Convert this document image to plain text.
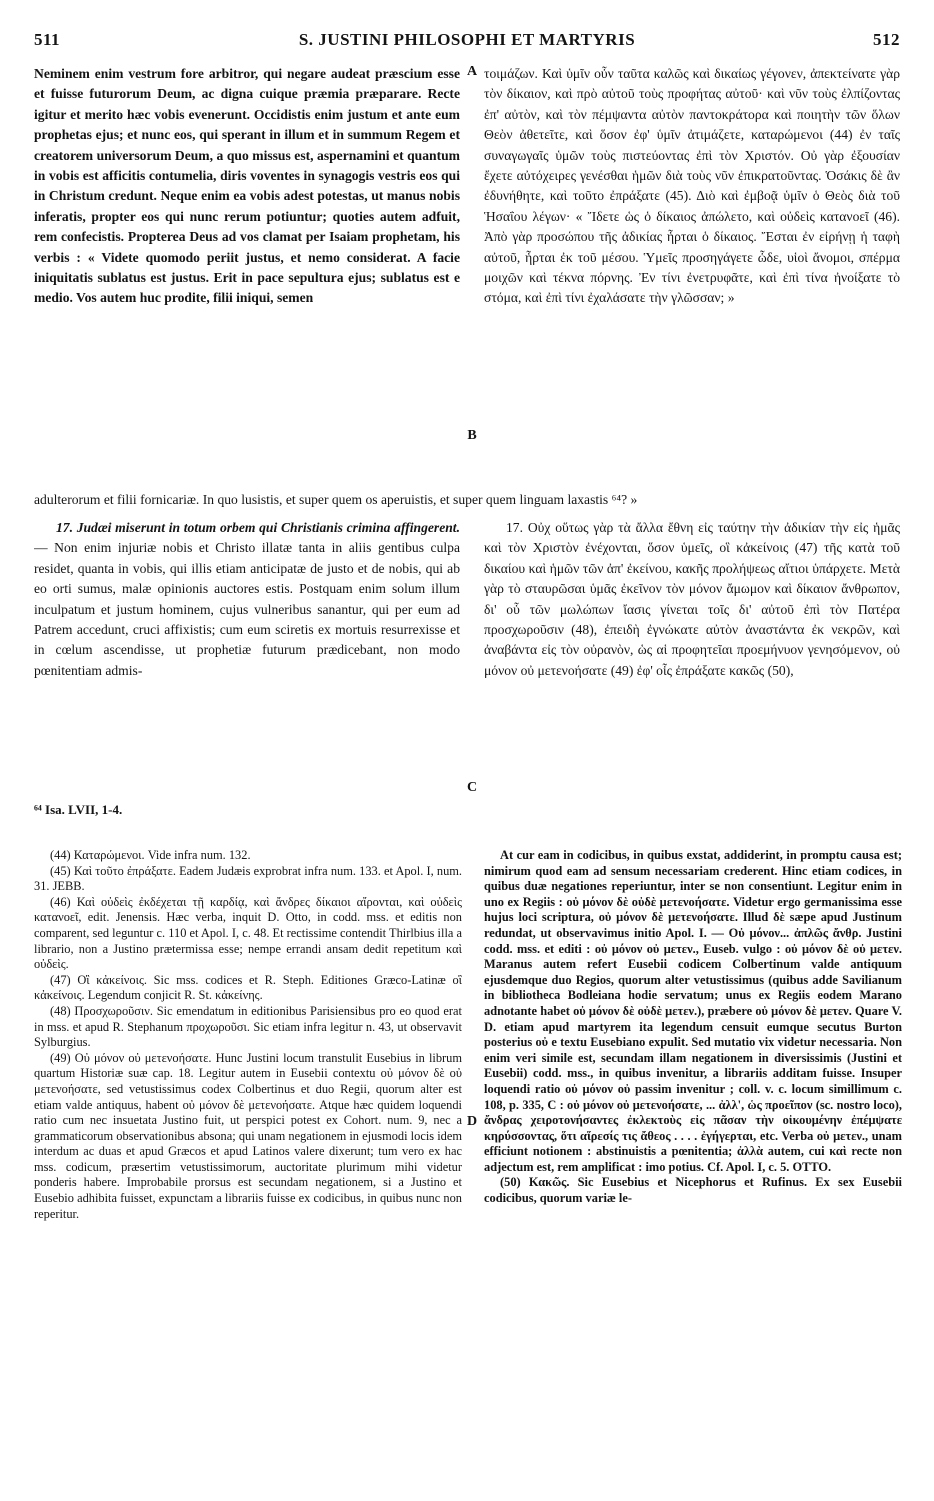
511	S. JUSTINI PHILOSOPHI ET MARTYRIS	512
A
B
C
D

Neminem enim vestrum fore arbitror, qui negare audeat præscium esse et fuisse futurorum Deum, ac digna cuique præmia præparare. Recte igitur et merito hæc vobis evenerunt. Occidistis enim justum et ante eum prophetas ejus; et nunc eos, qui sperant in illum et in summum Regem et creatorem universorum Deum, a quo missus est, aspernamini et quantum in vobis est afficitis contumelia, diris voventes in synagogis vestris eos qui in Christum credunt. Neque enim ea vobis adest potestas, ut manus nobis inferatis, propter eos qui nunc rerum potiuntur; quoties autem adfuit, rem confecistis. Propterea Deus ad vos clamat per Isaiam prophetam, his verbis : « Videte quomodo periit justus, et nemo considerat. A facie iniquitatis sublatus est justus. Erit in pace sepultura ejus; sublatus est e medio. Vos autem huc prodite, filii iniqui, semen

τοιμάζων. Καὶ ὑμῖν οὖν ταῦτα καλῶς καὶ δικαίως γέγονεν, ἀπεκτείνατε γὰρ τὸν δίκαιον, καὶ πρὸ αὐτοῦ τοὺς προφήτας αὐτοῦ· καὶ νῦν τοὺς ἐλπίζοντας ἐπ' αὐτὸν, καὶ τὸν πέμψαντα αὐτὸν παντοκράτορα καὶ ποιητὴν τῶν ὅλων Θεὸν ἀθετεῖτε, καὶ ὅσον ἐφ' ὑμῖν ἀτιμάζετε, καταρώμενοι (44) ἐν ταῖς συναγωγαῖς ὑμῶν τοὺς πιστεύοντας ἐπὶ τὸν Χριστόν. Οὐ γὰρ ἐξουσίαν ἔχετε αὐτόχειρες γενέσθαι ἡμῶν διὰ τοὺς νῦν ἐπικρατοῦντας. Ὁσάκις δὲ ἂν ἐδυνήθητε, καὶ τοῦτο ἐπράξατε (45). Διὸ καὶ ἐμβοᾷ ὑμῖν ὁ Θεὸς διὰ τοῦ Ἡσαΐου λέγων· « Ἴδετε ὡς ὁ δίκαιος ἀπώλετο, καὶ οὐδεὶς κατανοεῖ (46). Ἀπὸ γὰρ προσώπου τῆς ἀδικίας ἦρται ὁ δίκαιος. Ἔσται ἐν εἰρήνῃ ἡ ταφὴ αὐτοῦ, ἦρται ἐκ τοῦ μέσου. Ὑμεῖς προσηγάγετε ὧδε, υἱοὶ ἄνομοι, σπέρμα μοιχῶν καὶ τέκνα πόρνης. Ἐν τίνι ἐνετρυφᾶτε, καὶ ἐπὶ τίνα ἠνοίξατε τὸ στόμα, καὶ ἐπὶ τίνι ἐχαλάσατε τὴν γλῶσσαν; »

adulterorum et filii fornicariæ. In quo lusistis, et super quem os aperuistis, et super quem linguam laxastis ⁶⁴? »

17. Judæi miserunt in totum orbem qui Christianis crimina affingerent. — Non enim injuriæ nobis et Christo illatæ tanta in aliis gentibus culpa residet, quanta in vobis, qui illis etiam anticipatæ de justo et de nobis, qui ab eo orti sumus, malæ opinionis auctores estis. Postquam enim solum illum inculpatum et justum hominem, cujus vulneribus sanantur, qui per eum ad Patrem accedunt, cruci affixistis; cum eum sciretis ex mortuis resurrexisse et in cœlum ascendisse, ut prophetiæ futurum prædicebant, non modo pœnitentiam admis-

17. Οὐχ οὕτως γὰρ τὰ ἄλλα ἔθνη εἰς ταύτην τὴν ἀδικίαν τὴν εἰς ἡμᾶς καὶ τὸν Χριστὸν ἐνέχονται, ὅσον ὑμεῖς, οἳ κἀκείνοις (47) τῆς κατὰ τοῦ δικαίου καὶ ἡμῶν τῶν ἀπ' ἐκείνου, κακῆς προλήψεως αἴτιοι ὑπάρχετε. Μετὰ γὰρ τὸ σταυρῶσαι ὑμᾶς ἐκεῖνον τὸν μόνον ἄμωμον καὶ δίκαιον ἄνθρωπον, δι' οὗ τῶν μωλώπων ἴασις γίνεται τοῖς δι' αὐτοῦ ἐπὶ τὸν Πατέρα προσχωροῦσιν (48), ἐπειδὴ ἐγνώκατε αὐτὸν ἀναστάντα ἐκ νεκρῶν, καὶ ἀναβάντα εἰς τὸν οὐρανὸν, ὡς αἱ προφητεῖαι προεμήνυον γενησόμενον, οὐ μόνον οὐ μετενοήσατε (49) ἐφ' οἷς ἐπράξατε κακῶς (50),

⁶⁴ Isa. LVII, 1-4.

(44) Καταρώμενοι. Vide infra num. 132.

(45) Καὶ τοῦτο ἐπράξατε. Eadem Judæis exprobrat infra num. 133. et Apol. I, num. 31. JEBB.

(46) Καὶ οὐδεὶς ἐκδέχεται τῇ καρδίᾳ, καὶ ἄνδρες δίκαιοι αἴρονται, καὶ οὐδεὶς κατανοεῖ, edit. Jenensis. Hæc verba, inquit D. Otto, in codd. mss. et editis non comparent, sed leguntur c. 110 et Apol. I, c. 48. Et rectissime contendit Thirlbius illa a librario, non a Justino prætermissa esse; nempe errandi ansam dedit repetitum καὶ οὐδεὶς.

(47) Οἳ κἀκείνοις. Sic mss. codices et R. Steph. Editiones Græco-Latinæ οἳ κἀκείνοις. Legendum conjicit R. St. κἀκείνης.

(48) Προσχωροῦσιν. Sic emendatum in editionibus Parisiensibus pro eo quod erat in mss. et apud R. Stephanum προχωροῦσι. Sic etiam infra legitur n. 43, ut observavit Sylburgius.

(49) Οὐ μόνον οὐ μετενοήσατε. Hunc Justini locum transtulit Eusebius in librum quartum Historiæ suæ cap. 18. Legitur autem in Eusebii contextu οὐ μόνον δὲ οὐ μετενοήσατε, sed vetustissimus codex Colbertinus et duo Regii, quorum alter est etiam valde antiquus, habent οὐ μόνον δὲ μετενοήσατε. Atque hæc quidem loquendi ratio cum nec insuetata Justino fuit, ut perspici potest ex Cohort. num. 9, nec a grammaticorum observationibus absona; qui unam negationem in ejusmodi locis idem interdum ac duas et apud Græcos et apud Latinos valere dixerunt; tum vero ex hac mss. codicum, præsertim vetustissimorum, auctoritate plurimum mihi videtur ponderis habere. Improbabile prorsus est secundam negationem, si a Justino et Eusebio adhibita fuisset, expunctam a librariis fuisse ex codicibus, in quibus nunc non reperitur.

At cur eam in codicibus, in quibus exstat, addiderint, in promptu causa est; nimirum quod eam ad sensum necessariam crederent. Hinc etiam codices, in quibus duæ negationes reperiuntur, inter se non consentiunt. Legitur enim in uno ex Regiis : οὐ μόνον δὲ οὐδὲ μετενοήσατε. Videtur ergo germanissima esse hujus loci scriptura, οὐ μόνον δὲ μετενοήσατε. Illud δὲ sæpe apud Justinum redundat, ut observavimus initio Apol. I. — Οὐ μόνον... ἀπλῶς ἄνθρ. Justini codd. mss. et editi : οὐ μόνον οὐ μετεν., Euseb. vulgo : οὐ μόνον δὲ οὐ μετεν. Maranus autem refert Eusebii codicem Colbertinum valde antiquum ejusdemque duo Regios, quorum alter vetustissimus (quibus adde Savilianum in bibliotheca Bodleiana hodie servatum; unus ex Regiis eodem Marano adnotante habet οὐ μόνον δὲ οὐδὲ μετεν.), præbere οὐ μόνον δὲ μετεν. Quare V. D. etiam apud martyrem ita legendum censuit eumque secutus Burton posterius οὐ e textu Eusebiano expulit. Sed mutatio vix videtur necessaria. Non enim veri simile est, secundam illam negationem in diversissimis (Justini et Eusebii) codd. mss., in quibus invenitur, a librariis additam fuisse. Insuper loquendi ratio οὐ μόνον οὐ passim invenitur ; coll. v. c. locum simillimum c. 108, p. 335, C : οὐ μόνον οὐ μετενοήσατε, ... ἀλλ', ὡς προεῖπον (sc. nostro loco), ἄνδρας χειροτονήσαντες ἐκλεκτοὺς εἰς πᾶσαν τὴν οἰκουμένην ἐπέμψατε κηρύσσοντας, ὅτι αἵρεσίς τις ἄθεος . . . . ἐγήγερται, etc. Verba οὐ μετεν., unam efficiunt notionem : abstinuistis a pœnitentia; ἀλλὰ autem, cui καὶ recte non adjectum est, rem amplificat : imo potius. Cf. Apol. I, c. 5. OTTO.

(50) Κακῶς. Sic Eusebius et Nicephorus et Rufinus. Ex sex Eusebii codicibus, quorum variæ le-
